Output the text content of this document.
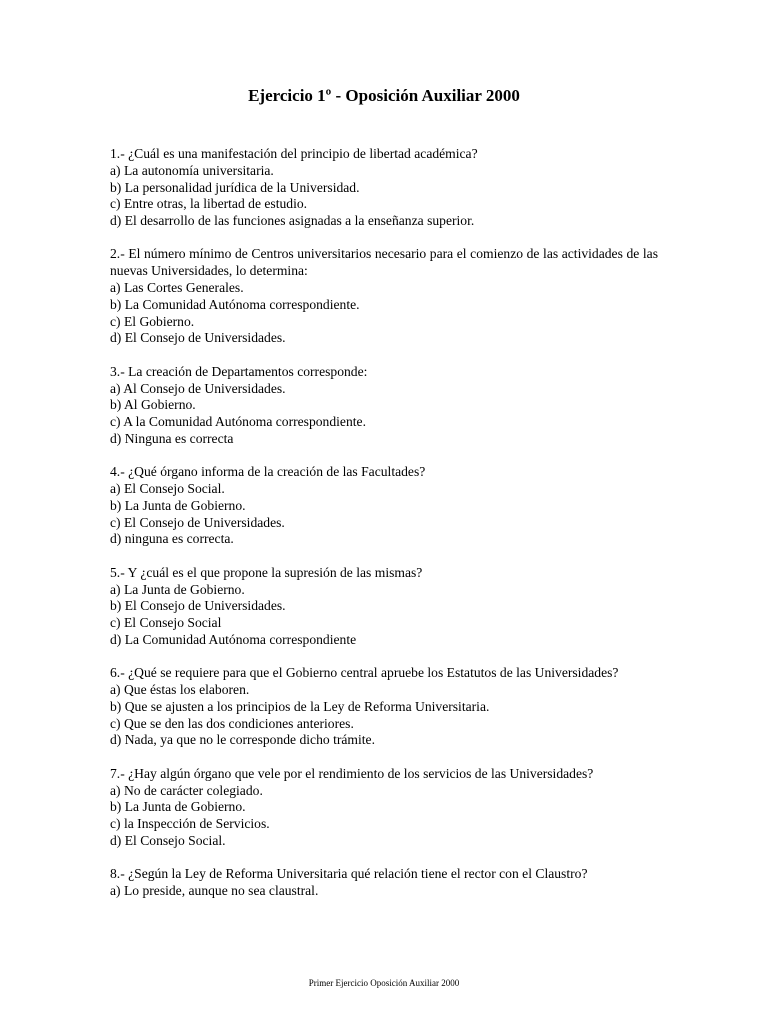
Ejercicio 1º - Oposición Auxiliar 2000
1.- ¿Cuál es una manifestación del principio de libertad académica?
a) La autonomía universitaria.
b) La personalidad jurídica de la Universidad.
c) Entre otras, la libertad de estudio.
d) El desarrollo de las funciones asignadas a la enseñanza superior.
2.- El número mínimo de Centros universitarios necesario para el comienzo de las actividades de las nuevas Universidades, lo determina:
a) Las Cortes Generales.
b) La Comunidad Autónoma correspondiente.
c) El Gobierno.
d) El Consejo de Universidades.
3.- La creación de Departamentos corresponde:
a) Al Consejo de Universidades.
b) Al Gobierno.
c) A la Comunidad Autónoma correspondiente.
d) Ninguna es correcta
4.- ¿Qué órgano informa de la creación de las Facultades?
a) El Consejo Social.
b) La Junta de Gobierno.
c) El Consejo de Universidades.
d) ninguna es correcta.
5.- Y ¿cuál es el que propone la supresión de las mismas?
a) La Junta de Gobierno.
b) El Consejo de Universidades.
c) El Consejo Social
d) La Comunidad Autónoma correspondiente
6.- ¿Qué se requiere para que el Gobierno central apruebe los Estatutos de las Universidades?
a) Que éstas los elaboren.
b) Que se ajusten a los principios de la Ley de Reforma Universitaria.
c) Que se den las dos condiciones anteriores.
d) Nada, ya que no le corresponde dicho trámite.
7.- ¿Hay algún órgano que vele por el rendimiento de los servicios de las Universidades?
a) No de carácter colegiado.
b) La Junta de Gobierno.
c) la Inspección de Servicios.
d) El Consejo Social.
8.- ¿Según la Ley de Reforma Universitaria qué relación tiene el rector con el Claustro?
a) Lo preside, aunque no sea claustral.
Primer Ejercicio Oposición Auxiliar 2000
